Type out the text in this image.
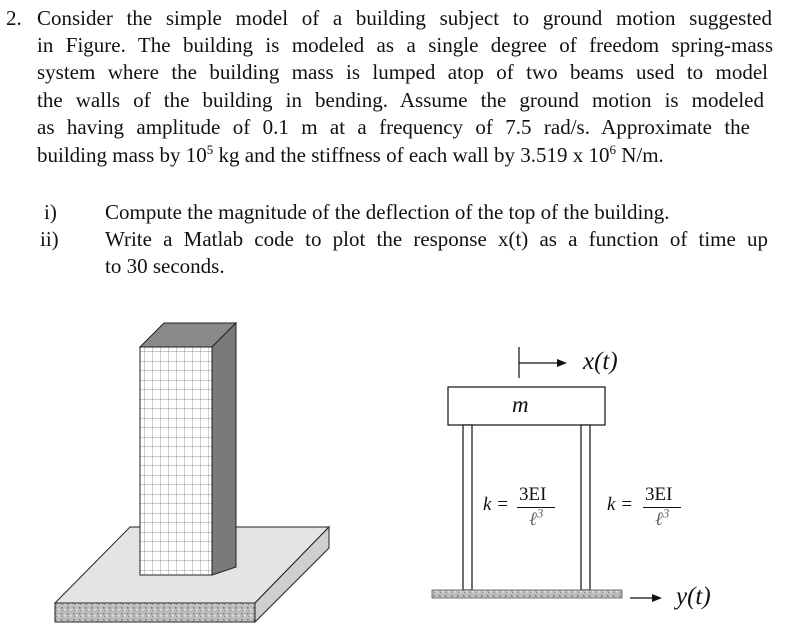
2. Consider the simple model of a building subject to ground motion suggested
in Figure. The building is modeled as a single degree of freedom spring-mass
system where the building mass is lumped atop of two beams used to model
the walls of the building in bending. Assume the ground motion is modeled
as having amplitude of 0.1 m at a frequency of 7.5 rad/s. Approximate the
building mass by $10^5$ kg and the stiffness of each wall by 3.519 x $10^6$ N/m.
i) Compute the magnitude of the deflection of the top of the building.
ii) Write a Matlab code to plot the response x(t) as a function of time up
to 30 seconds.
x(t)
m
y(t)
k = 3EI
ℓ$^3$	k = 3EI
ℓ$^3$
